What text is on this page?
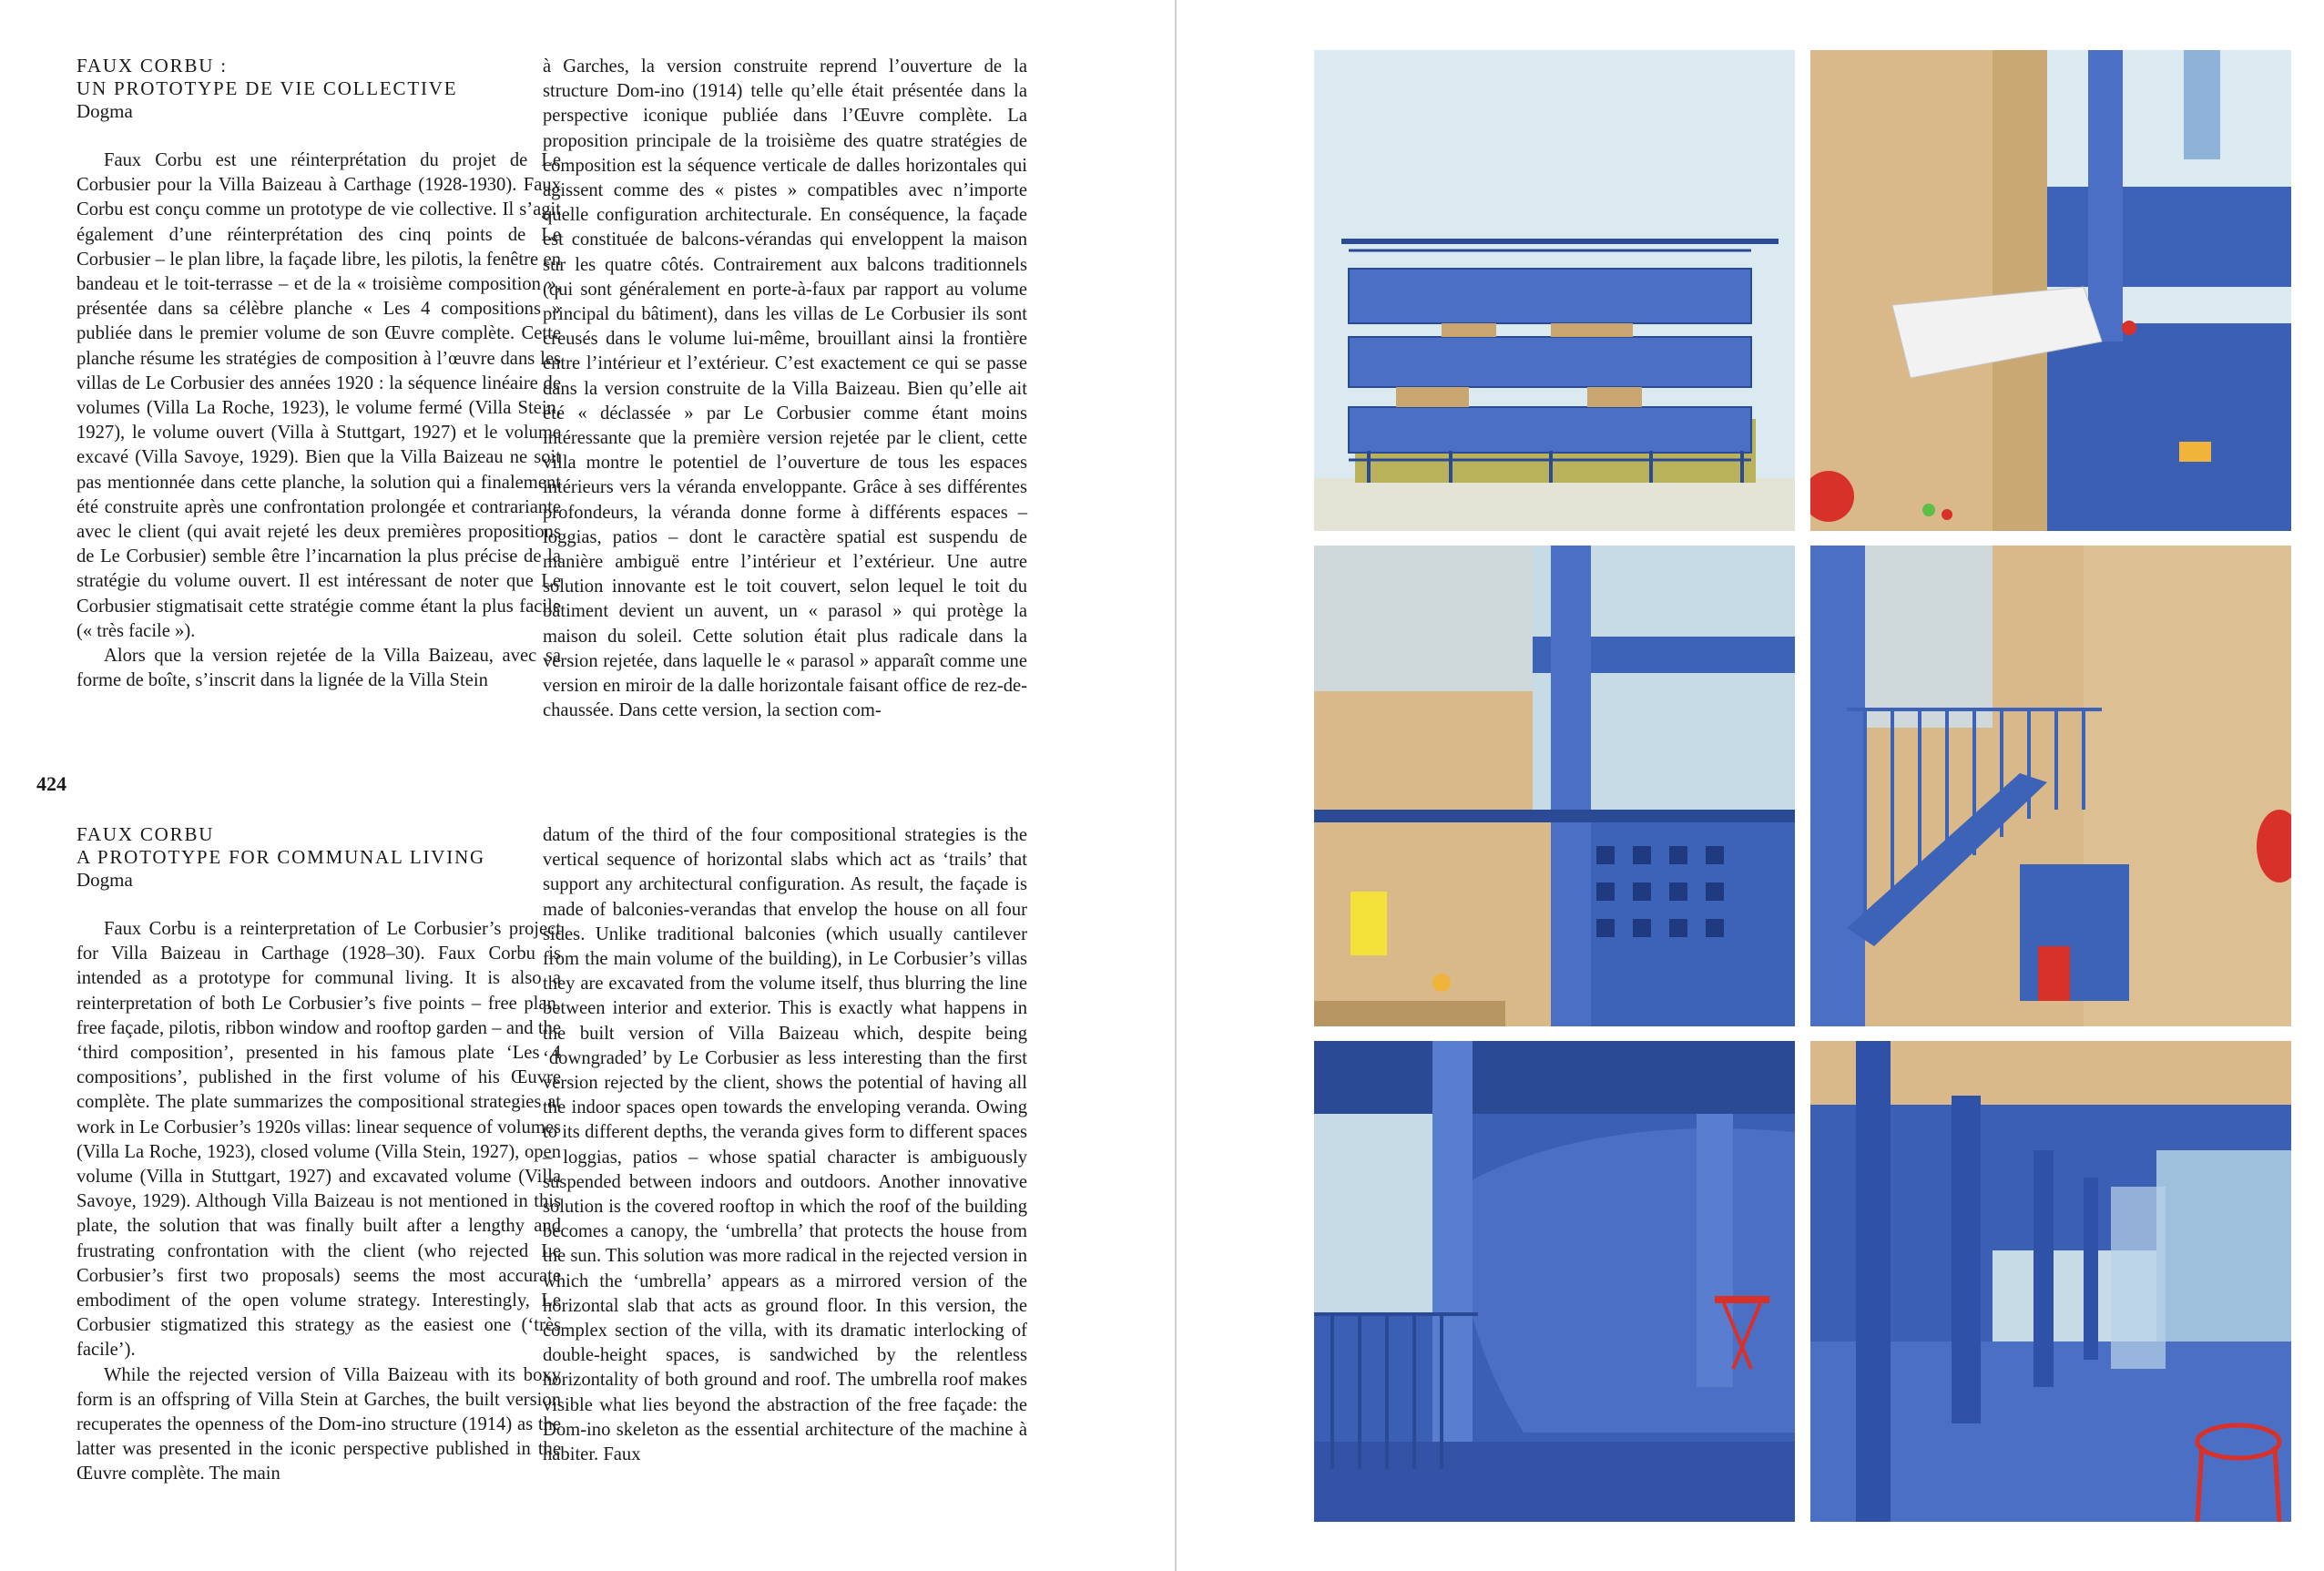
FAUX CORBU :
UN PROTOTYPE DE VIE COLLECTIVE
Dogma

Faux Corbu est une réinterprétation du projet de Le Corbusier pour la Villa Baizeau à Carthage (1928-1930). Faux Corbu est conçu comme un prototype de vie collective. Il s’agit également d’une réinterprétation des cinq points de Le Corbusier – le plan libre, la façade libre, les pilotis, la fenêtre en bandeau et le toit-terrasse – et de la « troisième composition », présentée dans sa célèbre planche « Les 4 compositions » publiée dans le premier volume de son Œuvre complète. Cette planche résume les stratégies de composition à l’œuvre dans les villas de Le Corbusier des années 1920 : la séquence linéaire de volumes (Villa La Roche, 1923), le volume fermé (Villa Stein, 1927), le volume ouvert (Villa à Stuttgart, 1927) et le volume excavé (Villa Savoye, 1929). Bien que la Villa Baizeau ne soit pas mentionnée dans cette planche, la solution qui a finalement été construite après une confrontation prolongée et contrariante avec le client (qui avait rejeté les deux premières propositions de Le Corbusier) semble être l’incarnation la plus précise de la stratégie du volume ouvert. Il est intéressant de noter que Le Corbusier stigmatisait cette stratégie comme étant la plus facile (« très facile »).

Alors que la version rejetée de la Villa Baizeau, avec sa forme de boîte, s’inscrit dans la lignée de la Villa Stein

à Garches, la version construite reprend l’ouverture de la structure Dom-ino (1914) telle qu’elle était présentée dans la perspective iconique publiée dans l’Œuvre complète. La proposition principale de la troisième des quatre stratégies de composition est la séquence verticale de dalles horizontales qui agissent comme des « pistes » compatibles avec n’importe quelle configuration architecturale. En conséquence, la façade est constituée de balcons-vérandas qui enveloppent la maison sur les quatre côtés. Contrairement aux balcons traditionnels (qui sont généralement en porte-à-faux par rapport au volume principal du bâtiment), dans les villas de Le Corbusier ils sont creusés dans le volume lui-même, brouillant ainsi la frontière entre l’intérieur et l’extérieur. C’est exactement ce qui se passe dans la version construite de la Villa Baizeau. Bien qu’elle ait été « déclassée » par Le Corbusier comme étant moins intéressante que la première version rejetée par le client, cette villa montre le potentiel de l’ouverture de tous les espaces intérieurs vers la véranda enveloppante. Grâce à ses différentes profondeurs, la véranda donne forme à différents espaces – loggias, patios – dont le caractère spatial est suspendu de manière ambiguë entre l’intérieur et l’extérieur. Une autre solution innovante est le toit couvert, selon lequel le toit du bâtiment devient un auvent, un « parasol » qui protège la maison du soleil. Cette solution était plus radicale dans la version rejetée, dans laquelle le « parasol » apparaît comme une version en miroir de la dalle horizontale faisant office de rez-de-chaussée. Dans cette version, la section com-

424
FAUX CORBU
A PROTOTYPE FOR COMMUNAL LIVING
Dogma

Faux Corbu is a reinterpretation of Le Corbusier’s project for Villa Baizeau in Carthage (1928–30). Faux Corbu is intended as a prototype for communal living. It is also a reinterpretation of both Le Corbusier’s five points – free plan, free façade, pilotis, ribbon window and rooftop garden – and the ‘third composition’, presented in his famous plate ‘Les 4 compositions’, published in the first volume of his Œuvre complète. The plate summarizes the compositional strategies at work in Le Corbusier’s 1920s villas: linear sequence of volumes (Villa La Roche, 1923), closed volume (Villa Stein, 1927), open volume (Villa in Stuttgart, 1927) and excavated volume (Villa Savoye, 1929). Although Villa Baizeau is not mentioned in this plate, the solution that was finally built after a lengthy and frustrating confrontation with the client (who rejected Le Corbusier’s first two proposals) seems the most accurate embodiment of the open volume strategy. Interestingly, Le Corbusier stigmatized this strategy as the easiest one (‘très facile’).

While the rejected version of Villa Baizeau with its boxy form is an offspring of Villa Stein at Garches, the built version recuperates the openness of the Dom-ino structure (1914) as the latter was presented in the iconic perspective published in the Œuvre complète. The main

datum of the third of the four compositional strategies is the vertical sequence of horizontal slabs which act as ‘trails’ that support any architectural configuration. As result, the façade is made of balconies-verandas that envelop the house on all four sides. Unlike traditional balconies (which usually cantilever from the main volume of the building), in Le Corbusier’s villas they are excavated from the volume itself, thus blurring the line between interior and exterior. This is exactly what happens in the built version of Villa Baizeau which, despite being ‘downgraded’ by Le Corbusier as less interesting than the first version rejected by the client, shows the potential of having all the indoor spaces open towards the enveloping veranda. Owing to its different depths, the veranda gives form to different spaces – loggias, patios – whose spatial character is ambiguously suspended between indoors and outdoors. Another innovative solution is the covered rooftop in which the roof of the building becomes a canopy, the ‘umbrella’ that protects the house from the sun. This solution was more radical in the rejected version in which the ‘umbrella’ appears as a mirrored version of the horizontal slab that acts as ground floor. In this version, the complex section of the villa, with its dramatic interlocking of double-height spaces, is sandwiched by the relentless horizontality of both ground and roof. The umbrella roof makes visible what lies beyond the abstraction of the free façade: the Dom-ino skeleton as the essential architecture of the machine à habiter. Faux
